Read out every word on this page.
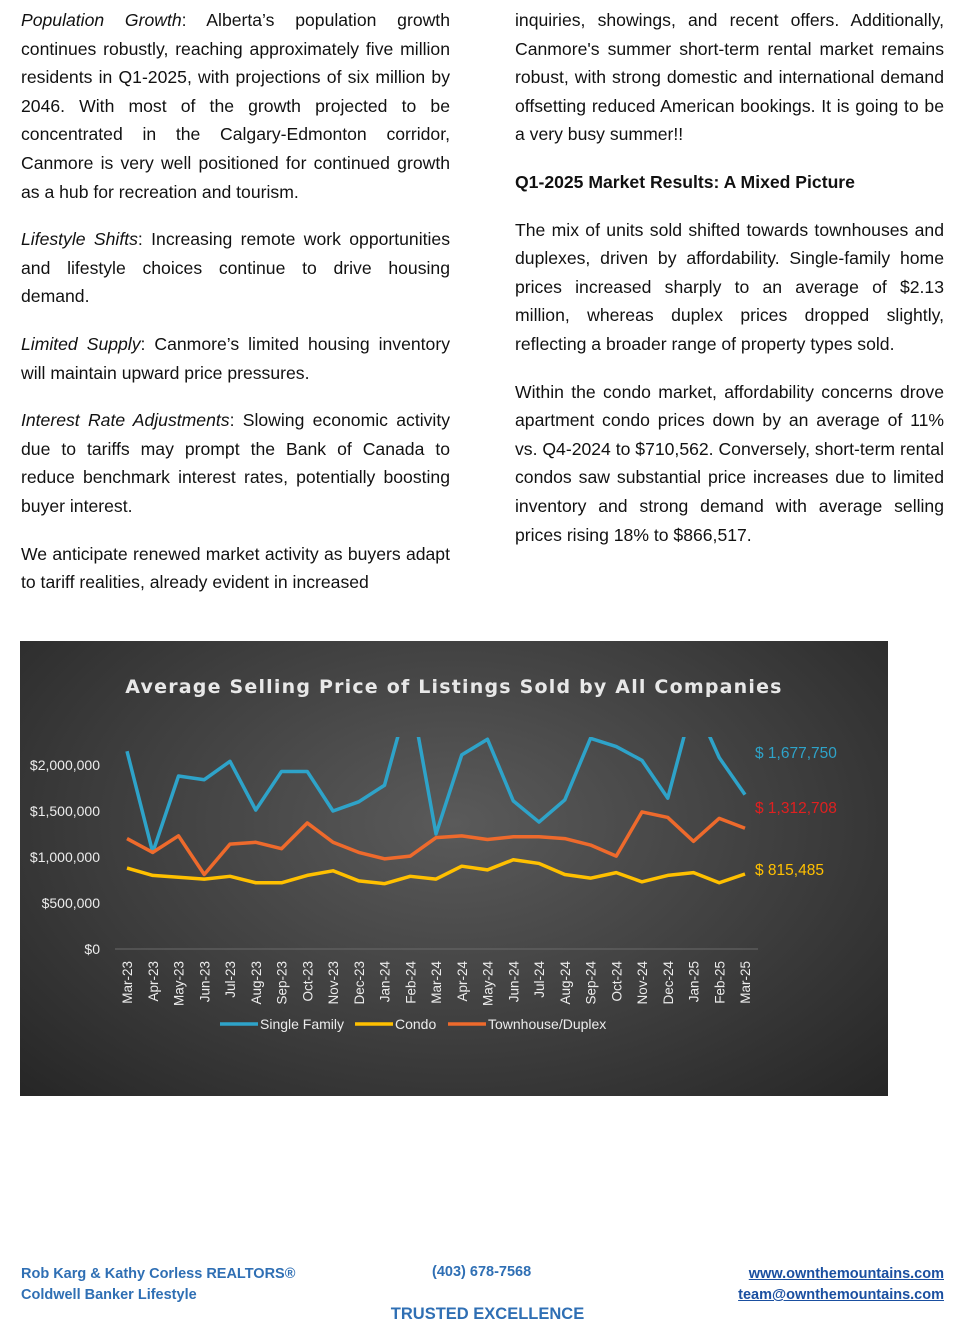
Population Growth: Alberta’s population growth continues robustly, reaching approximately five million residents in Q1-2025, with projections of six million by 2046. With most of the growth projected to be concentrated in the Calgary-Edmonton corridor, Canmore is very well positioned for continued growth as a hub for recreation and tourism.

Lifestyle Shifts: Increasing remote work opportunities and lifestyle choices continue to drive housing demand.

Limited Supply: Canmore’s limited housing inventory will maintain upward price pressures.

Interest Rate Adjustments: Slowing economic activity due to tariffs may prompt the Bank of Canada to reduce benchmark interest rates, potentially boosting buyer interest.

We anticipate renewed market activity as buyers adapt to tariff realities, already evident in increased

inquiries, showings, and recent offers. Additionally, Canmore's summer short-term rental market remains robust, with strong domestic and international demand offsetting reduced American bookings. It is going to be a very busy summer!!

Q1-2025 Market Results: A Mixed Picture

The mix of units sold shifted towards townhouses and duplexes, driven by affordability. Single-family home prices increased sharply to an average of $2.13 million, whereas duplex prices dropped slightly, reflecting a broader range of property types sold.

Within the condo market, affordability concerns drove apartment condo prices down by an average of 11% vs. Q4-2024 to $710,562. Conversely, short-term rental condos saw substantial price increases due to limited inventory and strong demand with average selling prices rising 18% to $866,517.

Average Selling Price of Listings Sold by All Companies
$0
$500,000
$1,000,000
$1,500,000
$2,000,000
Mar-23 Apr-23 May-23 Jun-23 Jul-23 Aug-23 Sep-23 Oct-23 Nov-23 Dec-23 Jan-24 Feb-24 Mar-24 Apr-24 May-24 Jun-24 Jul-24 Aug-24 Sep-24 Oct-24 Nov-24 Dec-24 Jan-25 Feb-25 Mar-25
$ 1,677,750
$ 815,485
$ 1,312,708
Single Family	Condo	Townhouse/Duplex
Rob Karg & Kathy Corless REALTORS®
Coldwell Banker Lifestyle
(403) 678-7568	www.ownthemountains.com
team@ownthemountains.com
TRUSTED EXCELLENCE
